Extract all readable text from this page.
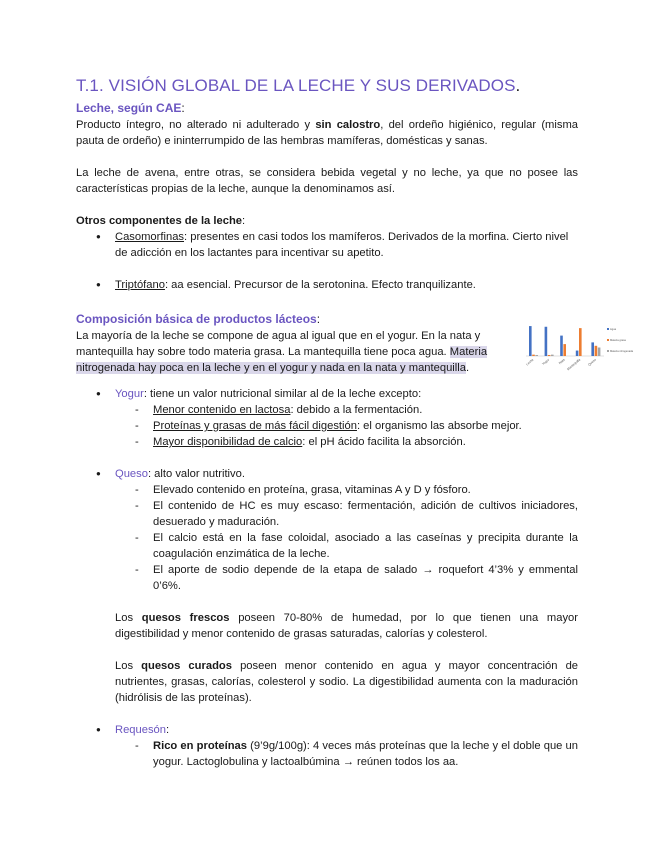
T.1. VISIÓN GLOBAL DE LA LECHE Y SUS DERIVADOS.
Leche, según CAE:

Producto íntegro, no alterado ni adulterado y sin calostro, del ordeño higiénico, regular (misma pauta de ordeño) e ininterrumpido de las hembras mamíferas, domésticas y sanas.

La leche de avena, entre otras, se considera bebida vegetal y no leche, ya que no posee las características propias de la leche, aunque la denominamos así.

Otros componentes de la leche:
● Casomorfinas: presentes en casi todos los mamíferos. Derivados de la morfina. Cierto nivel de adicción en los lactantes para incentivar su apetito.
● Triptófano: aa esencial. Precursor de la serotonina. Efecto tranquilizante.
Composición básica de productos lácteos:

La mayoría de la leche se compone de agua al igual que en el yogur. En la nata y mantequilla hay sobre todo materia grasa. La mantequilla tiene poca agua. Materia nitrogenada hay poca en la leche y en el yogur y nada en la nata y mantequilla.

● Yogur: tiene un valor nutricional similar al de la leche excepto:
- Menor contenido en lactosa: debido a la fermentación.
- Proteínas y grasas de más fácil digestión: el organismo las absorbe mejor.
- Mayor disponibilidad de calcio: el pH ácido facilita la absorción.
● Queso: alto valor nutritivo.
- Elevado contenido en proteína, grasa, vitaminas A y D y fósforo.
- El contenido de HC es muy escaso: fermentación, adición de cultivos iniciadores, desuerado y maduración.
- El calcio está en la fase coloidal, asociado a las caseínas y precipita durante la coagulación enzimática de la leche.
- El aporte de sodio depende de la etapa de salado → roquefort 4’3% y emmental 0’6%.

Los quesos frescos poseen 70-80% de humedad, por lo que tienen una mayor digestibilidad y menor contenido de grasas saturadas, calorías y colesterol.

Los quesos curados poseen menor contenido en agua y mayor concentración de nutrientes, grasas, calorías, colesterol y sodio. La digestibilidad aumenta con la maduración (hidrólisis de las proteínas).

● Requesón:
- Rico en proteínas (9’9g/100g): 4 veces más proteínas que la leche y el doble que un yogur. Lactoglobulina y lactoalbúmina → reúnen todos los aa.
Leche Yogur Nata Mantequilla Queso
Agua
Materia grasa
Materia nitrogenada
